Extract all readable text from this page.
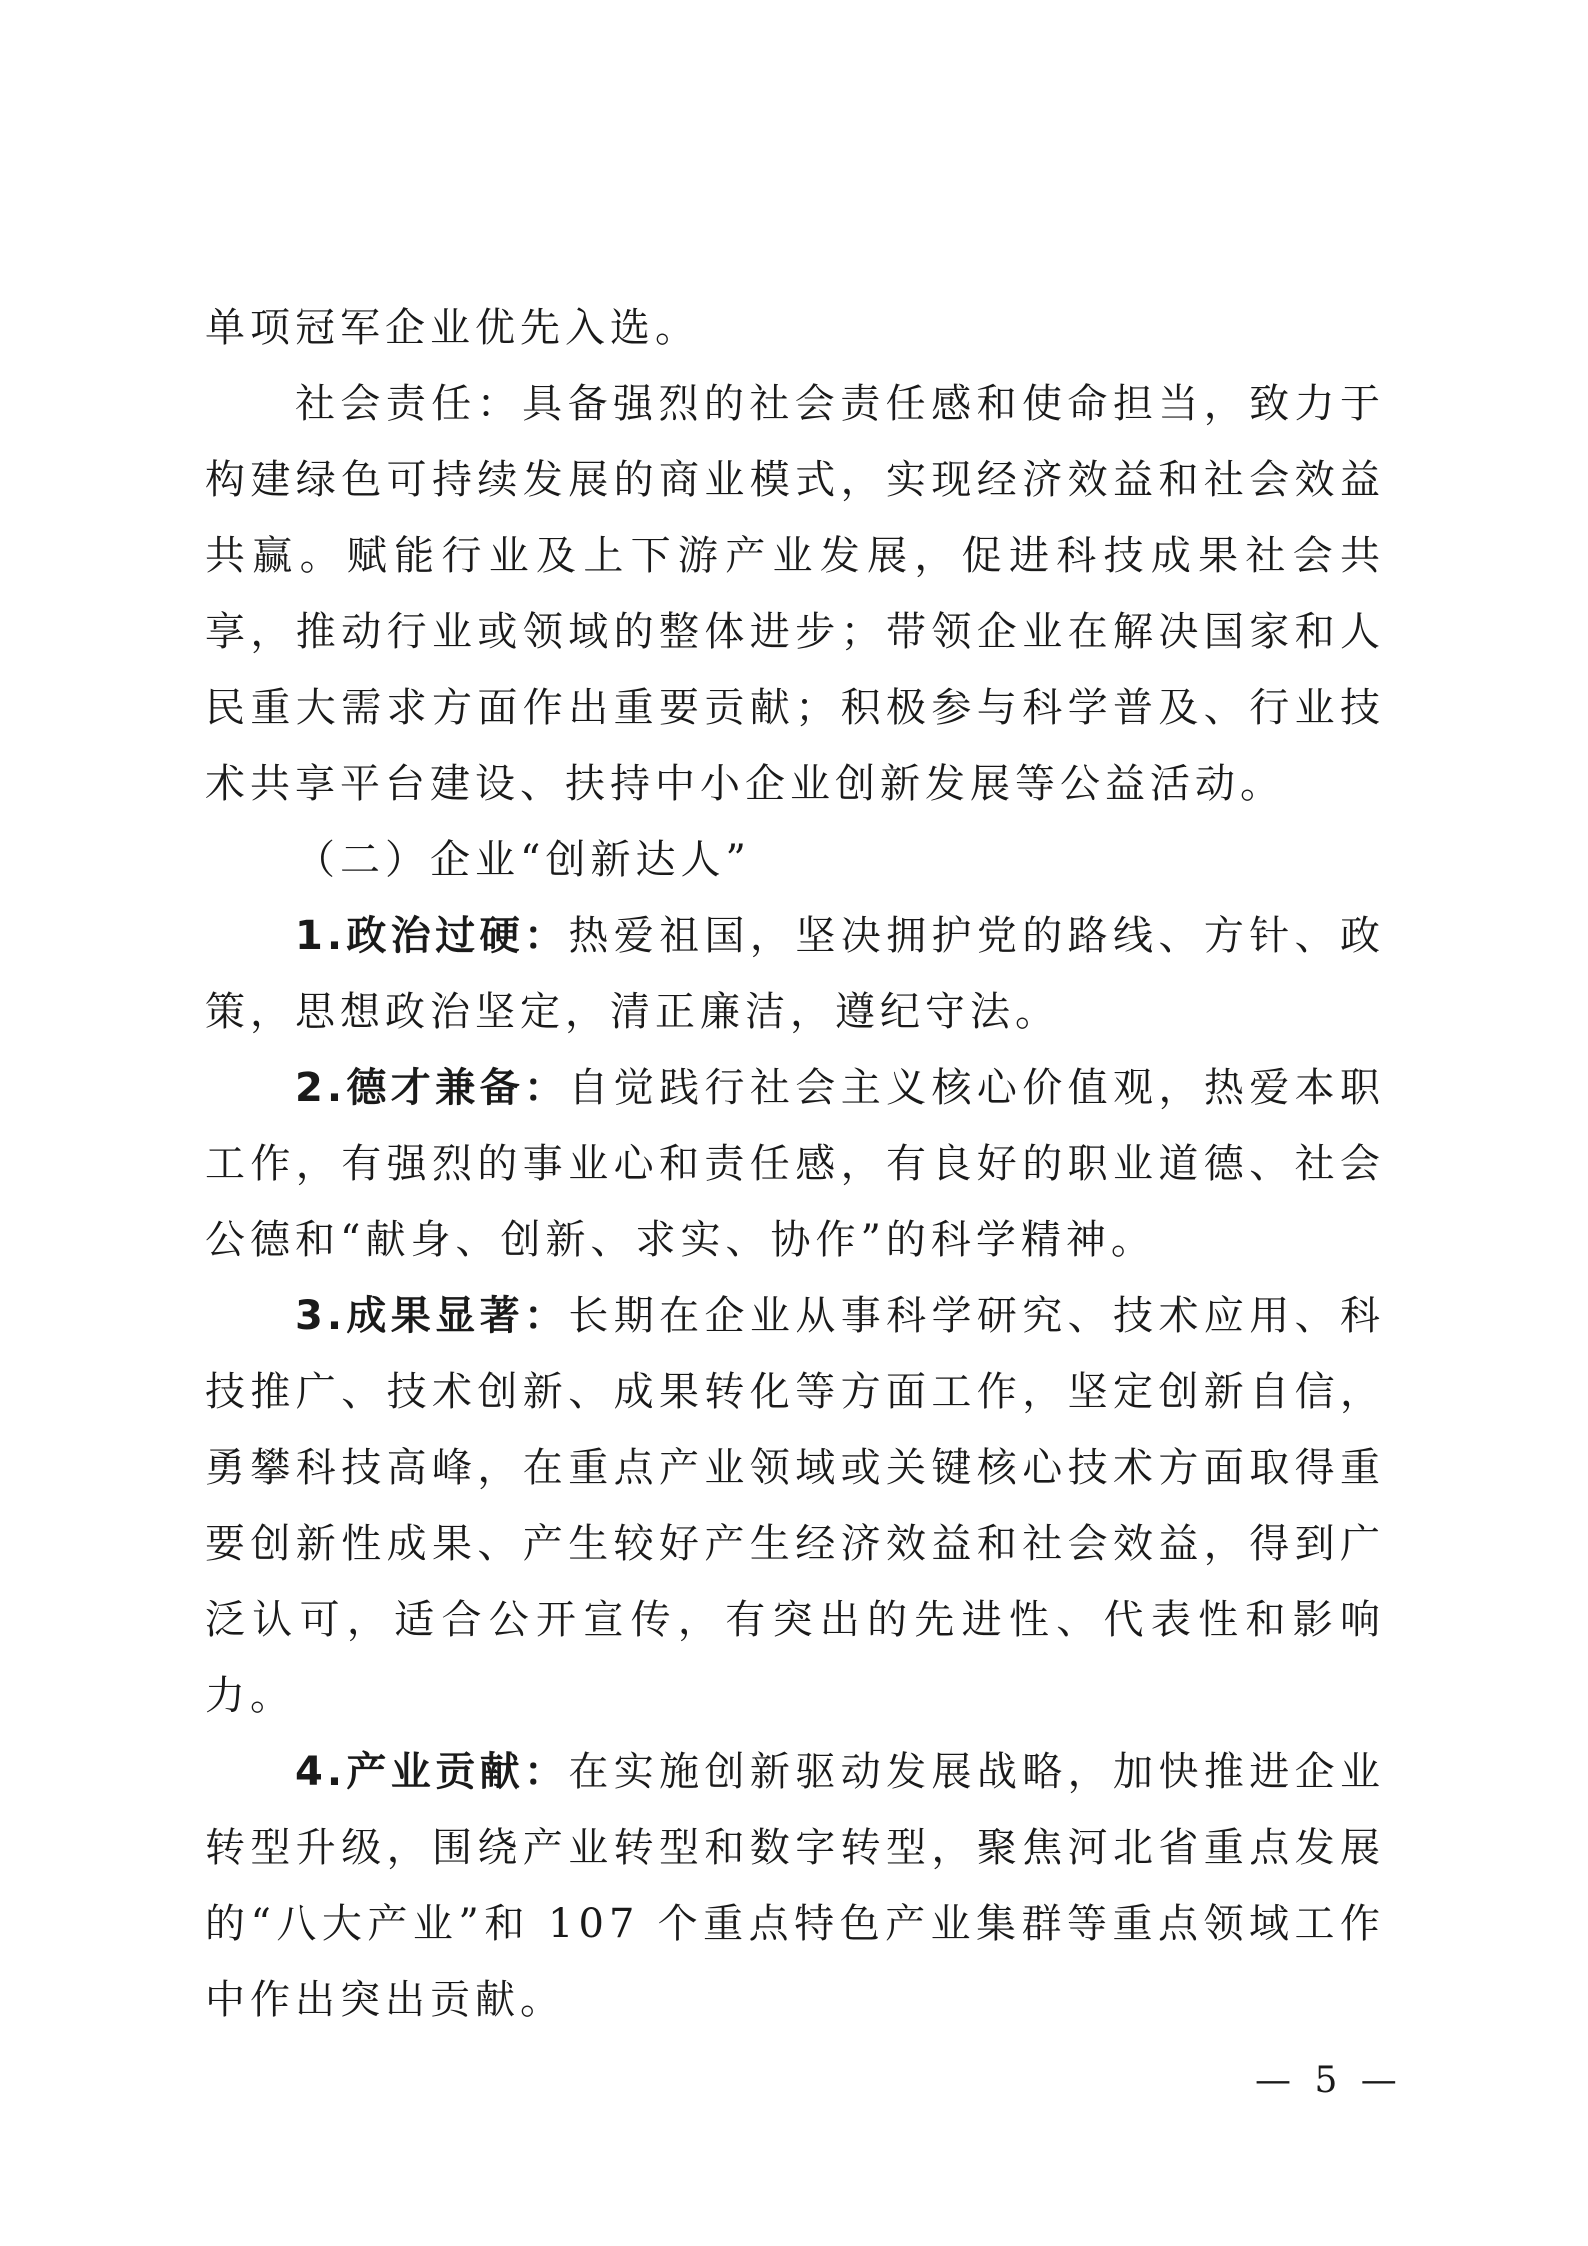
单项冠军企业优先入选。

社会责任：具备强烈的社会责任感和使命担当，致力于构建绿色可持续发展的商业模式，实现经济效益和社会效益共赢。赋能行业及上下游产业发展，促进科技成果社会共享，推动行业或领域的整体进步；带领企业在解决国家和人民重大需求方面作出重要贡献；积极参与科学普及、行业技术共享平台建设、扶持中小企业创新发展等公益活动。

（二）企业“创新达人”

1.政治过硬：热爱祖国，坚决拥护党的路线、方针、政策，思想政治坚定，清正廉洁，遵纪守法。

2.德才兼备：自觉践行社会主义核心价值观，热爱本职工作，有强烈的事业心和责任感，有良好的职业道德、社会公德和“献身、创新、求实、协作”的科学精神。

3.成果显著：长期在企业从事科学研究、技术应用、科技推广、技术创新、成果转化等方面工作，坚定创新自信，勇攀科技高峰，在重点产业领域或关键核心技术方面取得重要创新性成果、产生较好产生经济效益和社会效益，得到广泛认可，适合公开宣传，有突出的先进性、代表性和影响力。

4.产业贡献：在实施创新驱动发展战略，加快推进企业转型升级，围绕产业转型和数字转型，聚焦河北省重点发展的“八大产业”和 107 个重点特色产业集群等重点领域工作中作出突出贡献。

— 5 —
